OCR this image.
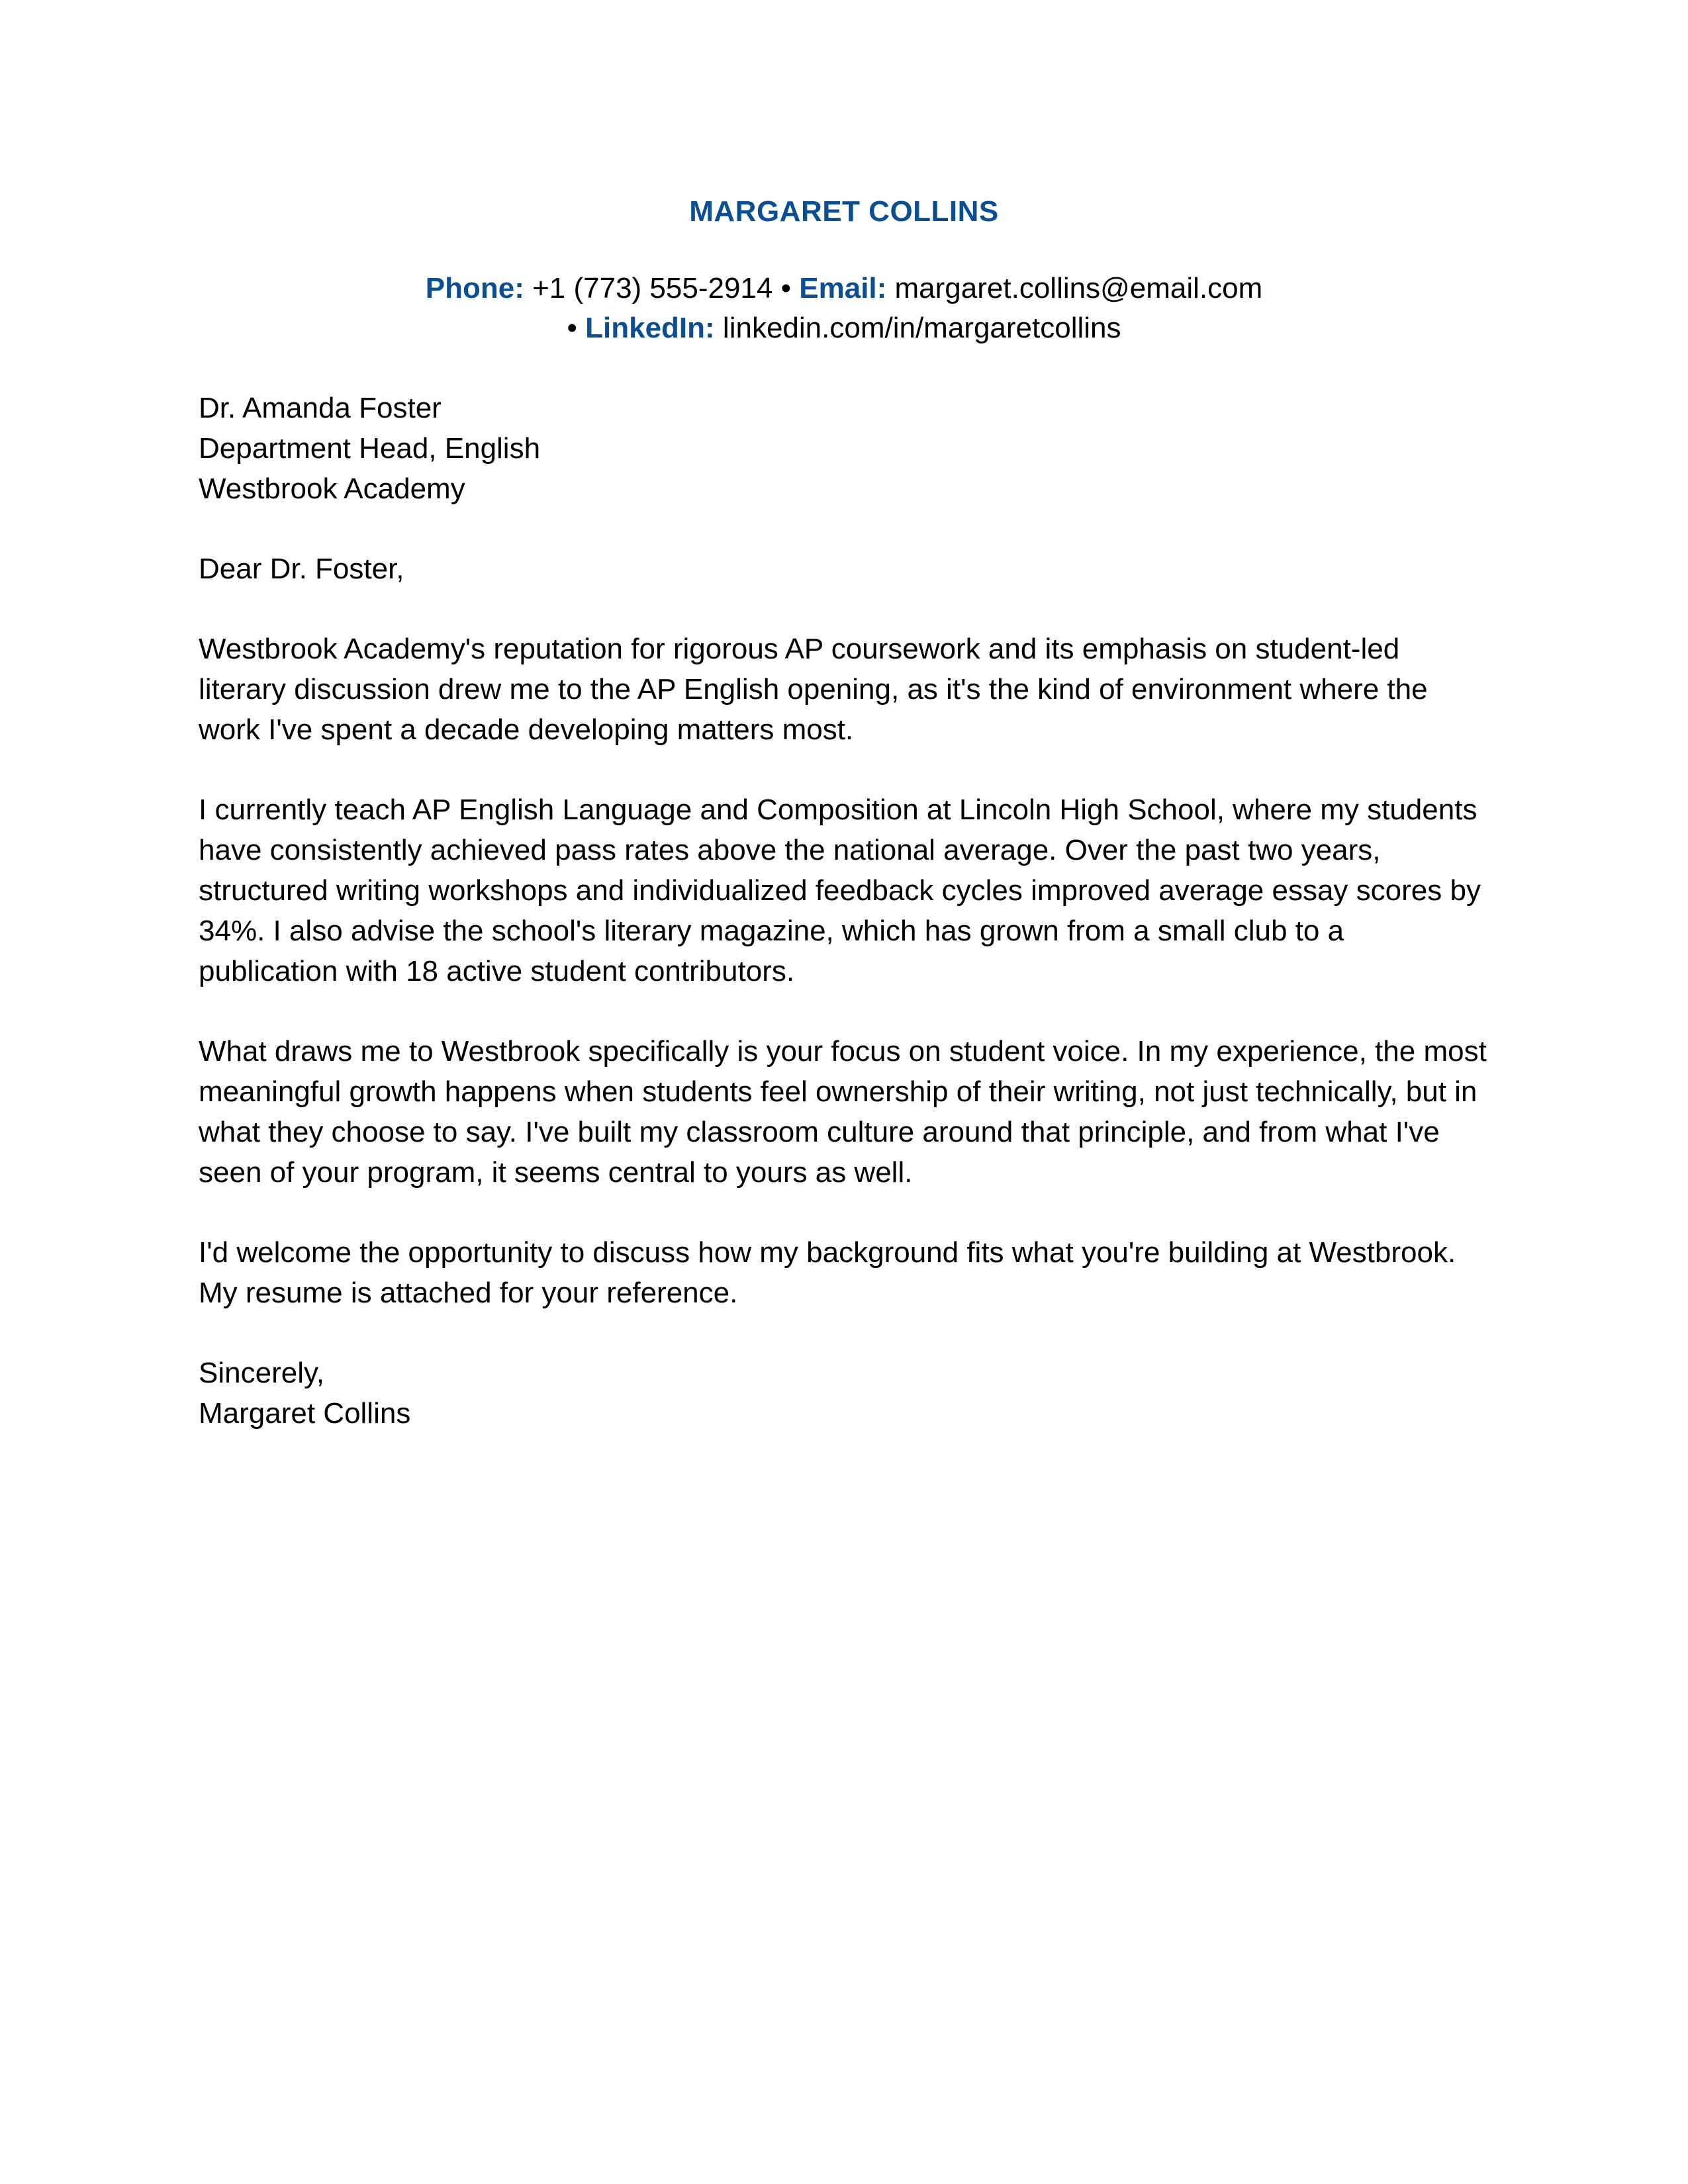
MARGARET COLLINS
Phone: +1 (773) 555-2914 • Email: margaret.collins@email.com
• LinkedIn: linkedin.com/in/margaretcollins
Dr. Amanda Foster
Department Head, English
Westbrook Academy
Dear Dr. Foster,
Westbrook Academy's reputation for rigorous AP coursework and its emphasis on student-led literary discussion drew me to the AP English opening, as it's the kind of environment where the work I've spent a decade developing matters most.
I currently teach AP English Language and Composition at Lincoln High School, where my students have consistently achieved pass rates above the national average. Over the past two years, structured writing workshops and individualized feedback cycles improved average essay scores by 34%. I also advise the school's literary magazine, which has grown from a small club to a publication with 18 active student contributors.
What draws me to Westbrook specifically is your focus on student voice. In my experience, the most meaningful growth happens when students feel ownership of their writing, not just technically, but in what they choose to say. I've built my classroom culture around that principle, and from what I've seen of your program, it seems central to yours as well.
I'd welcome the opportunity to discuss how my background fits what you're building at Westbrook. My resume is attached for your reference.
Sincerely,
Margaret Collins
